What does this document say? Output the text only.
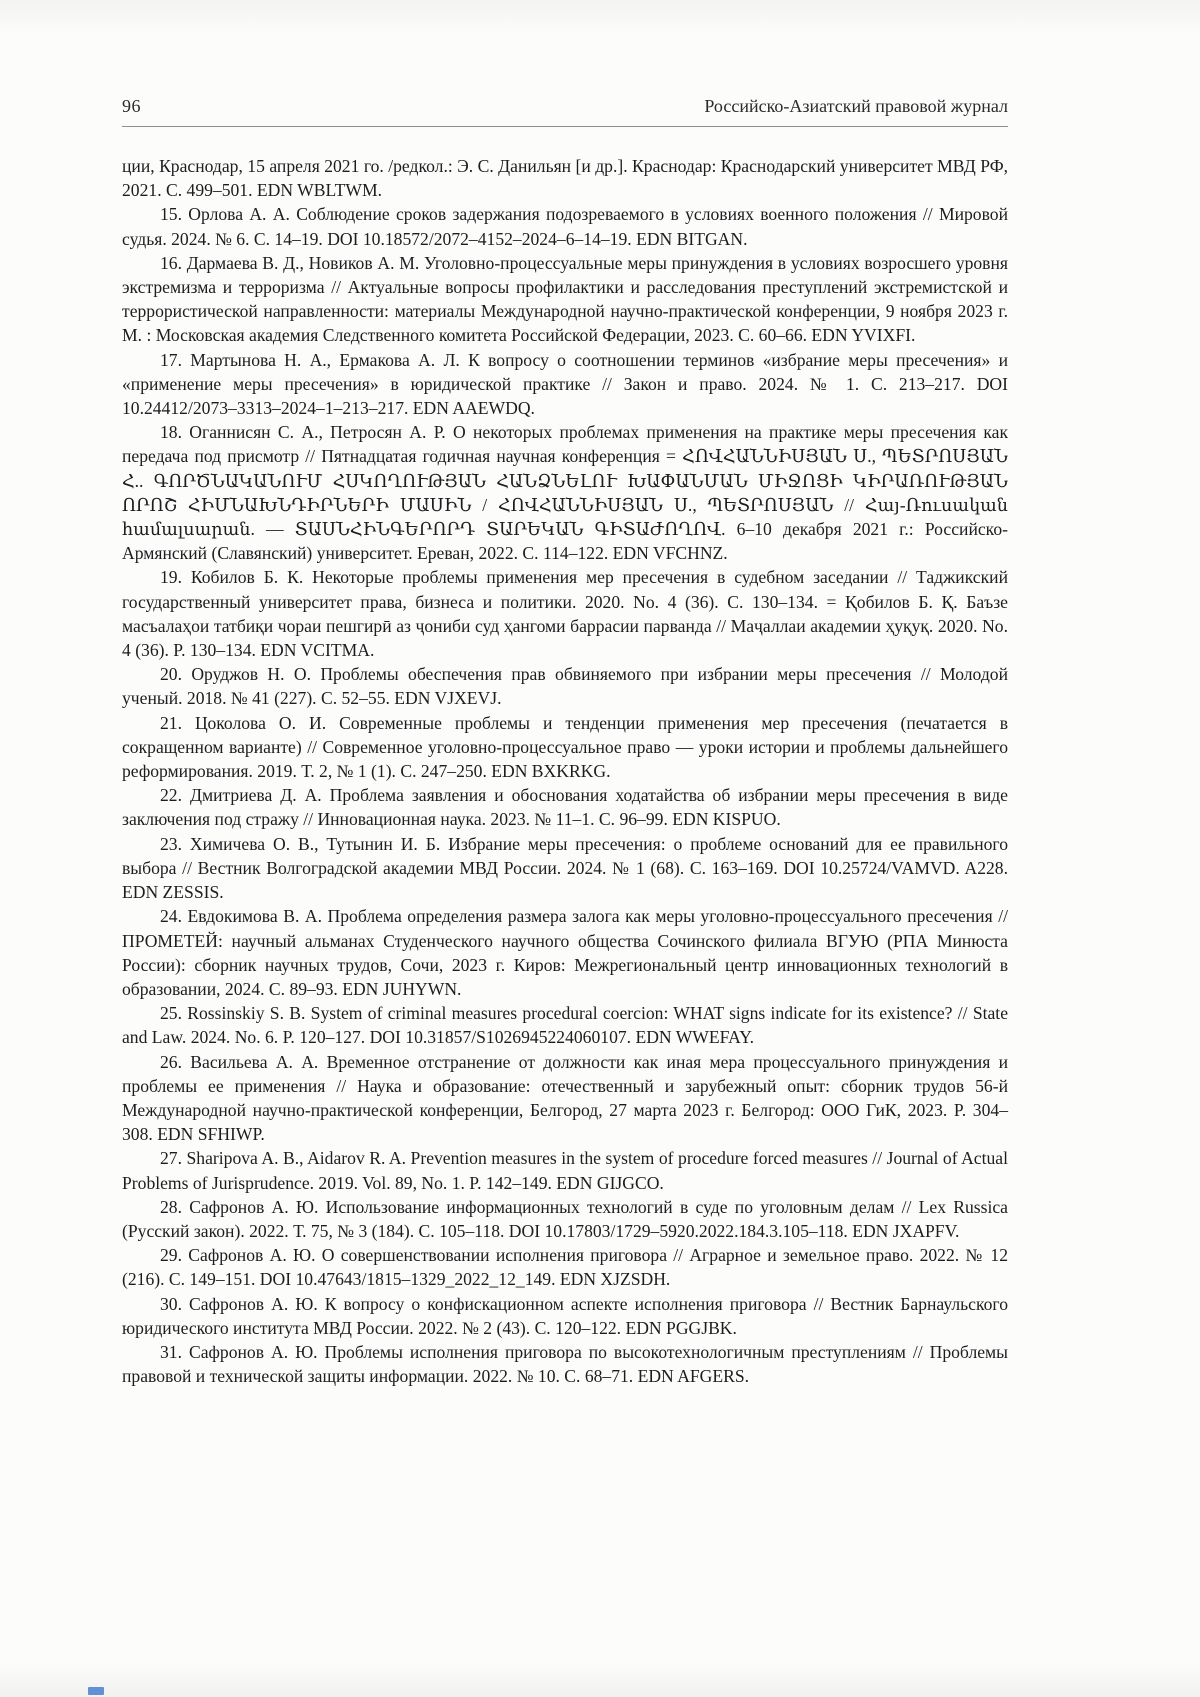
96	Российско-Азиатский правовой журнал

ции, Краснодар, 15 апреля 2021 го. /редкол.: Э. С. Данильян [и др.]. Краснодар: Краснодарский университет МВД РФ, 2021. С. 499–501. EDN WBLTWM.

15. Орлова А. А. Соблюдение сроков задержания подозреваемого в условиях военного положения // Мировой судья. 2024. № 6. С. 14–19. DOI 10.18572/2072–4152–2024–6–14–19. EDN BITGAN.

16. Дармаева В. Д., Новиков А. М. Уголовно-процессуальные меры принуждения в условиях возросшего уровня экстремизма и терроризма // Актуальные вопросы профилактики и расследования преступлений экстремистской и террористической направленности: материалы Международной научно-практической конференции, 9 ноября 2023 г. М. : Московская академия Следственного комитета Российской Федерации, 2023. С. 60–66. EDN YVIXFI.

17. Мартынова Н. А., Ермакова А. Л. К вопросу о соотношении терминов «избрание меры пресечения» и «применение меры пресечения» в юридической практике // Закон и право. 2024. № 1. С. 213–217. DOI 10.24412/2073–3313–2024–1–213–217. EDN AAEWDQ.

18. Оганнисян С. А., Петросян А. Р. О некоторых проблемах применения на практике меры пресечения как передача под присмотр // Пятнадцатая годичная научная конференция = ՀՈՎՀԱՆՆԻՍՅԱՆ Ս., ՊԵՏՐՈՍՅԱՆ Հ.. ԳՈՐԾՆԱԿԱՆՈՒՄ ՀՍԿՈՂՈՒԹՅԱՆ ՀԱՆՁՆԵԼՈՒ ԽԱՓԱՆՄԱՆ ՄԻՋՈՑԻ ԿԻՐԱՌՈՒԹՅԱՆ ՈՐՈՇ ՀԻՄՆԱԽՆԴԻՐՆԵՐԻ ՄԱՍԻՆ / ՀՈՎՀԱՆՆԻՍՅԱՆ Ս., ՊԵՏՐՈՍՅԱՆ // Հայ-Ռուսական համալսարան. — ՏԱՍՆՀԻՆԳԵՐՈՐԴ ՏԱՐԵԿԱՆ ԳԻՏԱԺՈՂՈՎ. 6–10 декабря 2021 г.: Российско-Армянский (Славянский) университет. Ереван, 2022. С. 114–122. EDN VFCHNZ.

19. Кобилов Б. К. Некоторые проблемы применения мер пресечения в судебном заседании // Таджикский государственный университет права, бизнеса и политики. 2020. No. 4 (36). С. 130–134. = Қобилов Б. Қ. Баъзе масъалаҳои татбиқи чораи пешгирӣ аз ҷониби суд ҳангоми баррасии парванда // Маҷаллаи академии ҳуқуқ. 2020. No. 4 (36). P. 130–134. EDN VCITMA.

20. Оруджов Н. О. Проблемы обеспечения прав обвиняемого при избрании меры пресечения // Молодой ученый. 2018. № 41 (227). С. 52–55. EDN VJXEVJ.

21. Цоколова О. И. Современные проблемы и тенденции применения мер пресечения (печатается в сокращенном варианте) // Современное уголовно-процессуальное право — уроки истории и проблемы дальнейшего реформирования. 2019. Т. 2, № 1 (1). С. 247–250. EDN BXKRKG.

22. Дмитриева Д. А. Проблема заявления и обоснования ходатайства об избрании меры пресечения в виде заключения под стражу // Инновационная наука. 2023. № 11–1. С. 96–99. EDN KISPUO.

23. Химичева О. В., Тутынин И. Б. Избрание меры пресечения: о проблеме оснований для ее правильного выбора // Вестник Волгоградской академии МВД России. 2024. № 1 (68). С. 163–169. DOI 10.25724/VAMVD. A228. EDN ZESSIS.

24. Евдокимова В. А. Проблема определения размера залога как меры уголовно-процессуального пресечения // ПРОМЕТЕЙ: научный альманах Студенческого научного общества Сочинского филиала ВГУЮ (РПА Минюста России): сборник научных трудов, Сочи, 2023 г. Киров: Межрегиональный центр инновационных технологий в образовании, 2024. С. 89–93. EDN JUHYWN.

25. Rossinskiy S. B. System of criminal measures procedural coercion: WHAT signs indicate for its existence? // State and Law. 2024. No. 6. P. 120–127. DOI 10.31857/S1026945224060107. EDN WWEFAY.

26. Васильева А. А. Временное отстранение от должности как иная мера процессуального принуждения и проблемы ее применения // Наука и образование: отечественный и зарубежный опыт: сборник трудов 56-й Международной научно-практической конференции, Белгород, 27 марта 2023 г. Белгород: ООО ГиК, 2023. P. 304–308. EDN SFHIWP.

27. Sharipova A. B., Aidarov R. A. Prevention measures in the system of procedure forced measures // Journal of Actual Problems of Jurisprudence. 2019. Vol. 89, No. 1. P. 142–149. EDN GIJGCO.

28. Сафронов А. Ю. Использование информационных технологий в суде по уголовным делам // Lex Russica (Русский закон). 2022. Т. 75, № 3 (184). С. 105–118. DOI 10.17803/1729–5920.2022.184.3.105–118. EDN JXAPFV.

29. Сафронов А. Ю. О совершенствовании исполнения приговора // Аграрное и земельное право. 2022. № 12 (216). С. 149–151. DOI 10.47643/1815–1329_2022_12_149. EDN XJZSDH.

30. Сафронов А. Ю. К вопросу о конфискационном аспекте исполнения приговора // Вестник Барнаульского юридического института МВД России. 2022. № 2 (43). С. 120–122. EDN PGGJBK.

31. Сафронов А. Ю. Проблемы исполнения приговора по высокотехнологичным преступлениям // Проблемы правовой и технической защиты информации. 2022. № 10. С. 68–71. EDN AFGERS.
